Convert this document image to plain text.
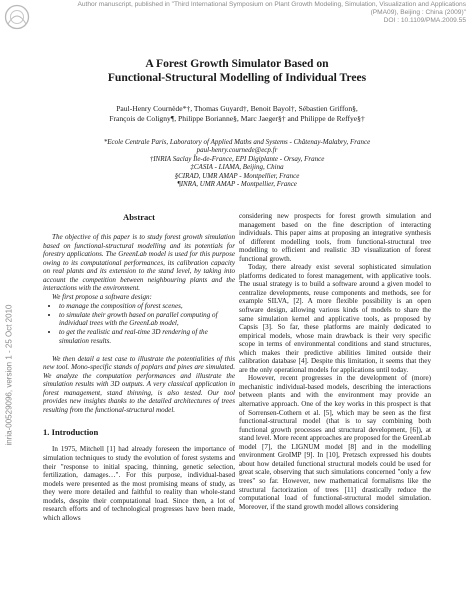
Author manuscript, published in "Third International Symposium on Plant Growth Modeling, Simulation, Visualization and Applications
(PMA09), Beijing : China (2009)"
DOI : 10.1109/PMA.2009.55
inria-00529096, version 1 - 25 Oct 2010
A Forest Growth Simulator Based on
Functional-Structural Modelling of Individual Trees
Paul-Henry Cournède*†, Thomas Guyard†, Benoit Bayol†, Sébastien Griffon§,
François de Coligny¶, Philippe Borianne§, Marc Jaeger§† and Philippe de Reffye§†
*Ecole Centrale Paris, Laboratory of Applied Maths and Systems - Châtenay-Malabry, France
paul-henry.cournede@ecp.fr
†INRIA Saclay Île-de-France, EPI Digiplante - Orsay, France
‡CASIA - LIAMA, Beijing, China
§CIRAD, UMR AMAP - Montpellier, France
¶INRA, UMR AMAP - Montpellier, France
Abstract

The objective of this paper is to study forest growth simulation based on functional-structural modelling and its potentials for forestry applications. The GreenLab model is used for this purpose owing to its computational performances, its calibration capacity on real plants and its extension to the stand level, by taking into account the competition between neighbouring plants and the interactions with the environment.

We first propose a software design:

• to manage the composition of forest scenes,
• to simulate their growth based on parallel computing of individual trees with the GreenLab model,
• to get the realistic and real-time 3D rendering of the simulation results.

We then detail a test case to illustrate the potentialities of this new tool. Mono-specific stands of poplars and pines are simulated. We analyze the computation performances and illustrate the simulation results with 3D outputs. A very classical application in forest management, stand thinning, is also tested. Our tool provides new insights thanks to the detailed architectures of trees resulting from the functional-structural model.

1. Introduction

In 1975, Mitchell [1] had already foreseen the importance of simulation techniques to study the evolution of forest systems and their "response to initial spacing, thinning, genetic selection, fertilization, damages…". For this purpose, individual-based models were presented as the most promising means of study, as they were more detailed and faithful to reality than whole-stand models, despite their computational load. Since then, a lot of research efforts and of technological progresses have been made, which allows

considering new prospects for forest growth simulation and management based on the fine description of interacting individuals. This paper aims at proposing an integrative synthesis of different modelling tools, from functional-structural tree modelling to efficient and realistic 3D visualization of forest functional growth.

Today, there already exist several sophisticated simulation platforms dedicated to forest management, with applicative tools. The usual strategy is to build a software around a given model to centralize developments, reuse components and methods, see for example SILVA, [2]. A more flexible possibility is an open software design, allowing various kinds of models to share the same simulation kernel and applicative tools, as proposed by Capsis [3]. So far, these platforms are mainly dedicated to empirical models, whose main drawback is their very specific scope in terms of environmental conditions and stand structures, which makes their predictive abilities limited outside their calibration database [4]. Despite this limitation, it seems that they are the only operational models for applications until today.

However, recent progresses in the development of (more) mechanistic individual-based models, describing the interactions between plants and with the environment may provide an alternative approach. One of the key works in this prospect is that of Sorrensen-Cothern et al. [5], which may be seen as the first functional-structural model (that is to say combining both functional growth processes and structural development, [6]), at stand level. More recent approaches are proposed for the GreenLab model [7], the LIGNUM model [8] and in the modelling environment GroIMP [9]. In [10], Pretzsch expressed his doubts about how detailed functional structural models could be used for great scale, observing that such simulations concerned "only a few trees" so far. However, new mathematical formalisms like the structural factorization of trees [11] drastically reduce the computational load of functional-structural model simulation. Moreover, if the stand growth model allows considering
